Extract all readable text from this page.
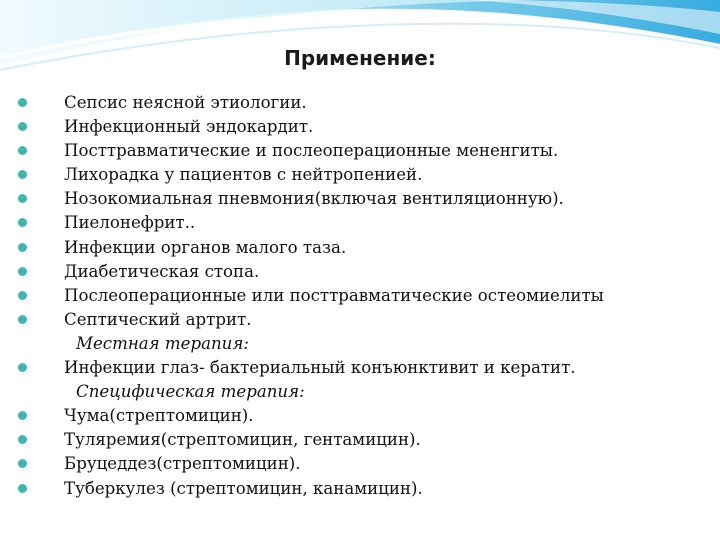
Применение:
Сепсис неясной этиологии.
Инфекционный эндокардит.
Посттравматические и послеоперационные мененгиты.
Лихорадка у пациентов с нейтропенией.
Нозокомиальная пневмония(включая вентиляционную).
Пиелонефрит..
Инфекции органов малого таза.
Диабетическая стопа.
Послеоперационные или посттравматические остеомиелиты
Септический артрит.
Местная терапия:
Инфекции глаз- бактериальный конъюнктивит и кератит.
Специфическая терапия:
Чума(стрептомицин).
Туляремия(стрептомицин, гентамицин).
Бруцеддез(стрептомицин).
Туберкулез (стрептомицин, канамицин).
